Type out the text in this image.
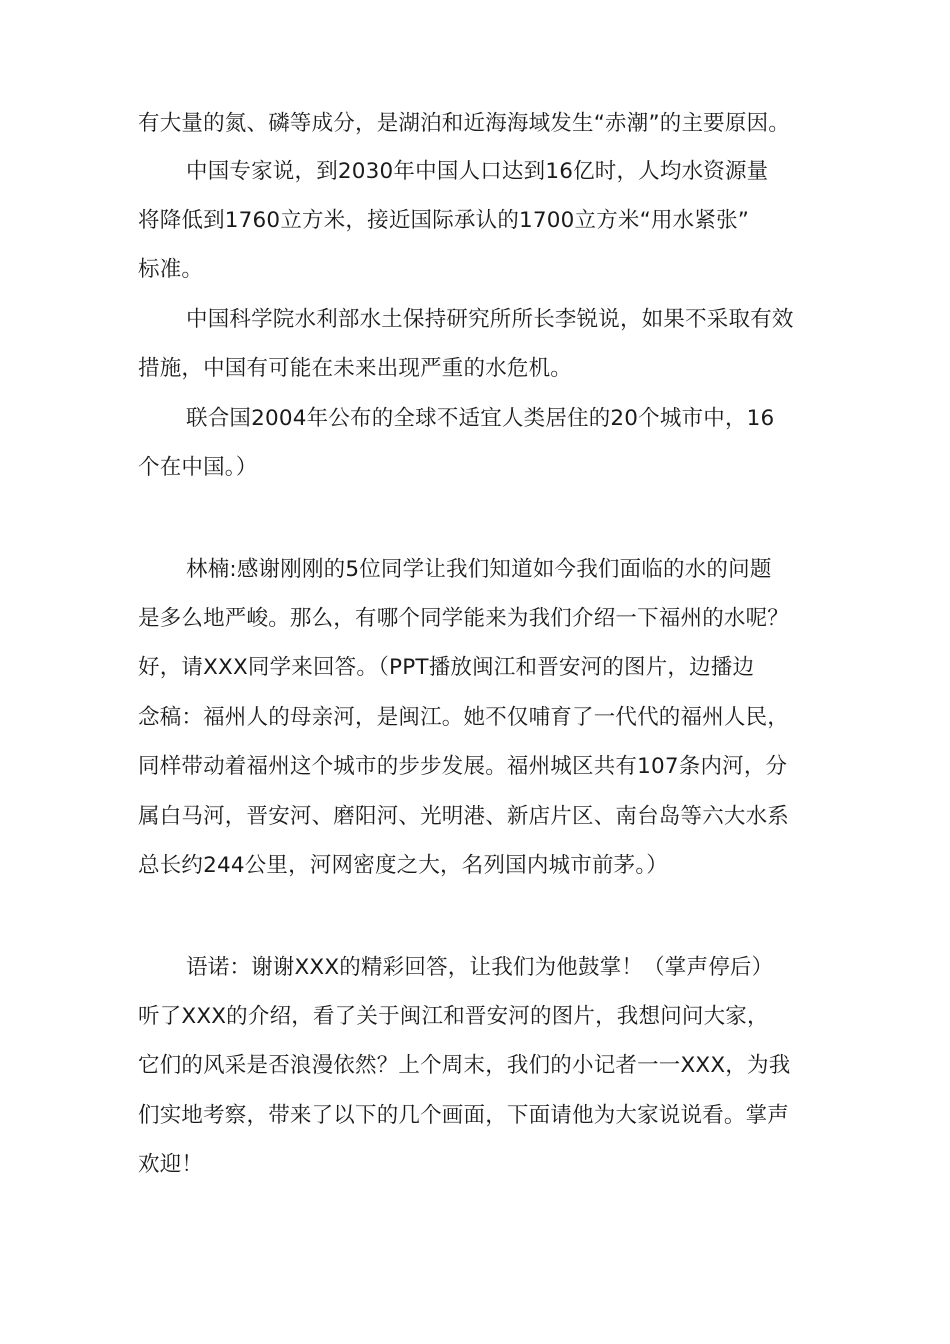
有大量的氮、磷等成分，是湖泊和近海海域发生“赤潮”的主要原因。
中国专家说，到2030年中国人口达到16亿时，人均水资源量
将降低到1760立方米，接近国际承认的1700立方米“用水紧张”
标准。
中国科学院水利部水土保持研究所所长李锐说，如果不采取有效
措施，中国有可能在未来出现严重的水危机。
联合国2004年公布的全球不适宜人类居住的20个城市中，16
个在中国。）
林楠:感谢刚刚的5位同学让我们知道如今我们面临的水的问题
是多么地严峻。那么，有哪个同学能来为我们介绍一下福州的水呢？
好，请XXX同学来回答。（PPT播放闽江和晋安河的图片，边播边
念稿：福州人的母亲河，是闽江。她不仅哺育了一代代的福州人民，
同样带动着福州这个城市的步步发展。福州城区共有107条内河，分
属白马河，晋安河、磨阳河、光明港、新店片区、南台岛等六大水系
总长约244公里，河网密度之大，名列国内城市前茅。）
语诺：谢谢XXX的精彩回答，让我们为他鼓掌！（掌声停后）
听了XXX的介绍，看了关于闽江和晋安河的图片，我想问问大家，
它们的风采是否浪漫依然？上个周末，我们的小记者一一XXX，为我
们实地考察，带来了以下的几个画面，下面请他为大家说说看。掌声
欢迎！
